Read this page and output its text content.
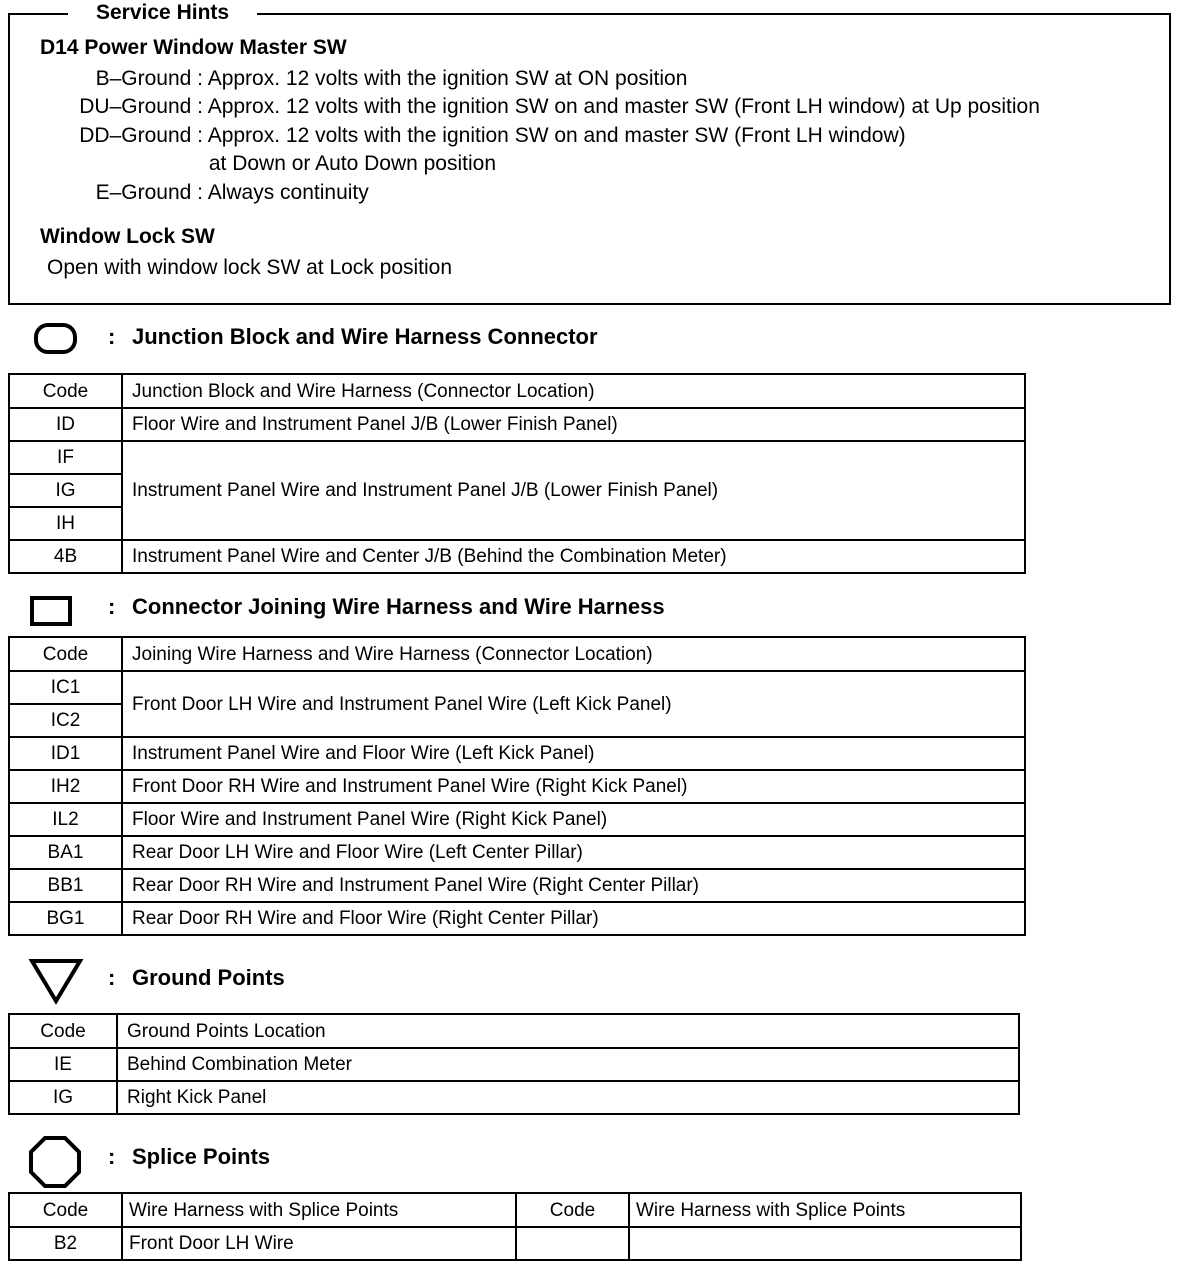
Service Hints
D14 Power Window Master SW
B–Ground : Approx. 12 volts with the ignition SW at ON position
DU–Ground : Approx. 12 volts with the ignition SW on and master SW (Front LH window) at Up position
DD–Ground : Approx. 12 volts with the ignition SW on and master SW (Front LH window)
at Down or Auto Down position
E–Ground : Always continuity
Window Lock SW
Open with window lock SW at Lock position
: Junction Block and Wire Harness Connector
Code	Junction Block and Wire Harness (Connector Location)
ID	Floor Wire and Instrument Panel J/B (Lower Finish Panel)
IF	Instrument Panel Wire and Instrument Panel J/B (Lower Finish Panel)
IG	
IH	
4B	Instrument Panel Wire and Center J/B (Behind the Combination Meter)
: Connector Joining Wire Harness and Wire Harness
Code	Joining Wire Harness and Wire Harness (Connector Location)
IC1	Front Door LH Wire and Instrument Panel Wire (Left Kick Panel)
IC2	
ID1	Instrument Panel Wire and Floor Wire (Left Kick Panel)
IH2	Front Door RH Wire and Instrument Panel Wire (Right Kick Panel)
IL2	Floor Wire and Instrument Panel Wire (Right Kick Panel)
BA1	Rear Door LH Wire and Floor Wire (Left Center Pillar)
BB1	Rear Door RH Wire and Instrument Panel Wire (Right Center Pillar)
BG1	Rear Door RH Wire and Floor Wire (Right Center Pillar)
: Ground Points
Code	Ground Points Location
IE	Behind Combination Meter
IG	Right Kick Panel
: Splice Points
Code	Wire Harness with Splice Points	Code	Wire Harness with Splice Points
B2	Front Door LH Wire		
